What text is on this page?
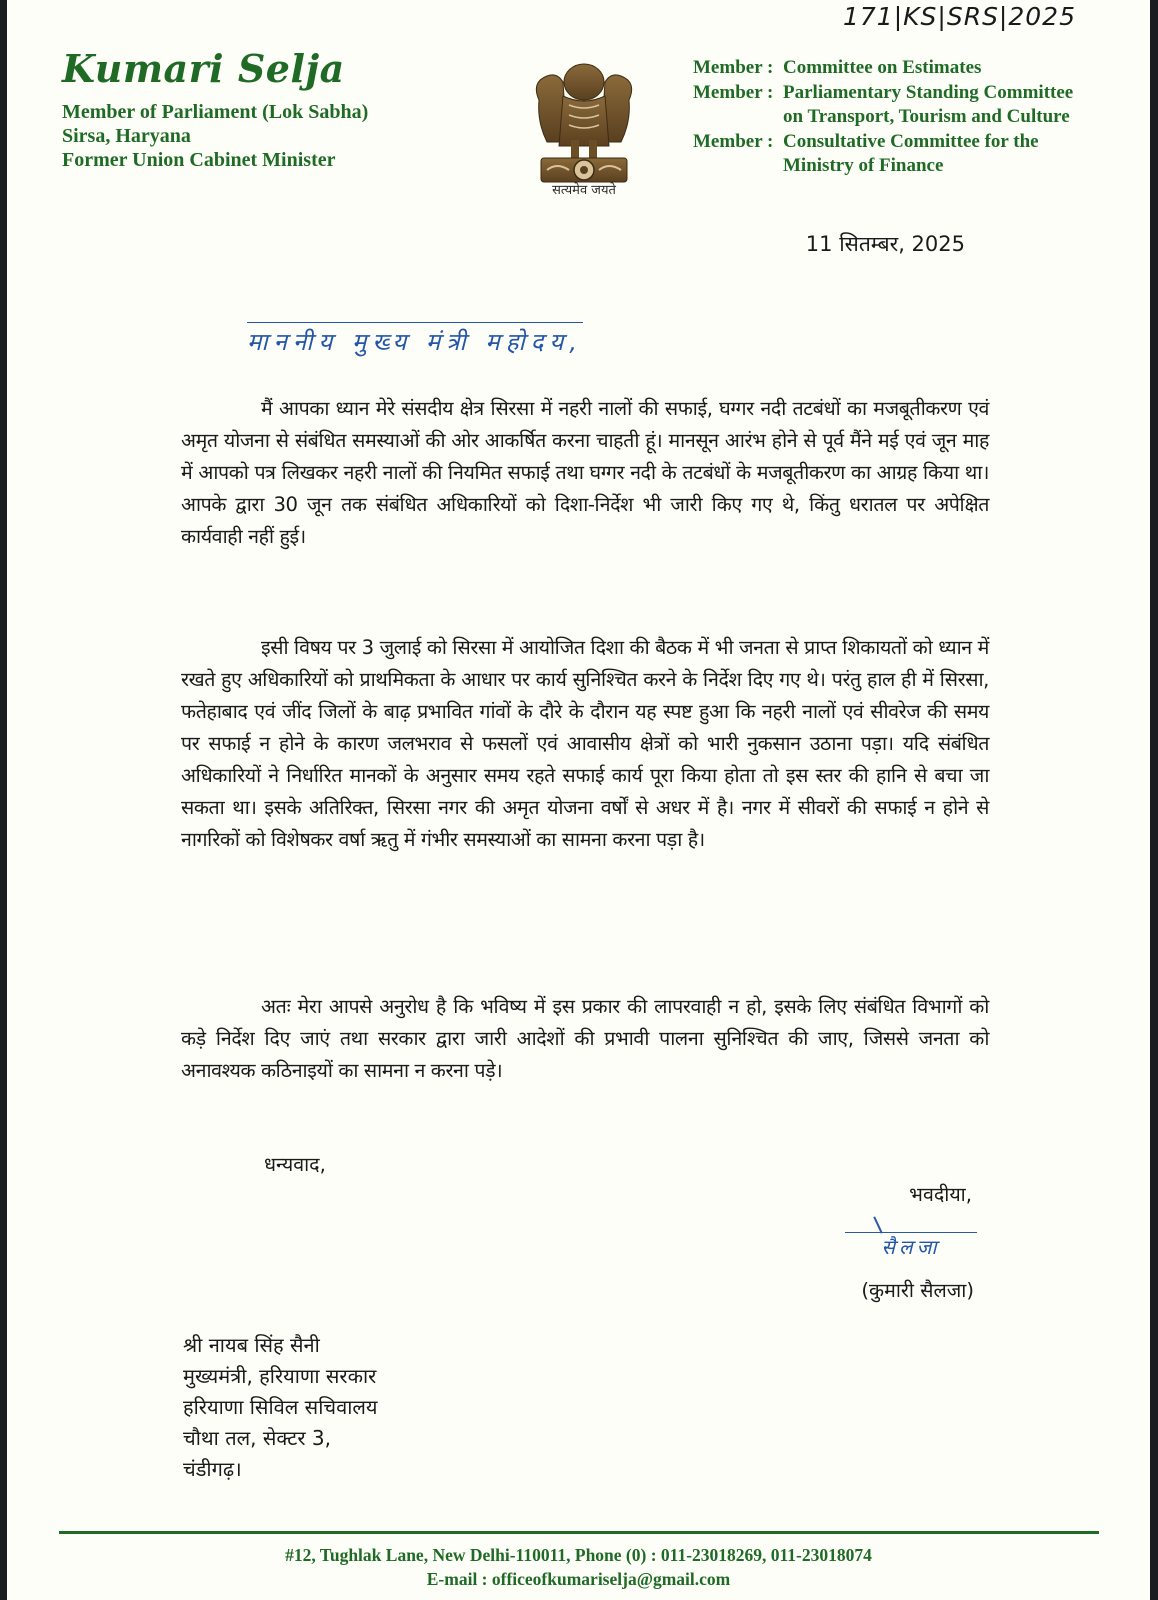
171|KS|SRS|2025
Kumari Selja
Member of Parliament (Lok Sabha)
Sirsa, Haryana
Former Union Cabinet Minister
सत्यमेव जयते
Member : Committee on Estimates
Member : Parliamentary Standing Committee
on Transport, Tourism and Culture
Member : Consultative Committee for the
Ministry of Finance
11 सितम्बर, 2025
माननीय मुख्य मंत्री महोदय,

मैं आपका ध्यान मेरे संसदीय क्षेत्र सिरसा में नहरी नालों की सफाई, घग्गर नदी तटबंधों का मजबूतीकरण एवं अमृत योजना से संबंधित समस्याओं की ओर आकर्षित करना चाहती हूं। मानसून आरंभ होने से पूर्व मैंने मई एवं जून माह में आपको पत्र लिखकर नहरी नालों की नियमित सफाई तथा घग्गर नदी के तटबंधों के मजबूतीकरण का आग्रह किया था। आपके द्वारा 30 जून तक संबंधित अधिकारियों को दिशा-निर्देश भी जारी किए गए थे, किंतु धरातल पर अपेक्षित कार्यवाही नहीं हुई।

इसी विषय पर 3 जुलाई को सिरसा में आयोजित दिशा की बैठक में भी जनता से प्राप्त शिकायतों को ध्यान में रखते हुए अधिकारियों को प्राथमिकता के आधार पर कार्य सुनिश्चित करने के निर्देश दिए गए थे। परंतु हाल ही में सिरसा, फतेहाबाद एवं जींद जिलों के बाढ़ प्रभावित गांवों के दौरे के दौरान यह स्पष्ट हुआ कि नहरी नालों एवं सीवरेज की समय पर सफाई न होने के कारण जलभराव से फसलों एवं आवासीय क्षेत्रों को भारी नुकसान उठाना पड़ा। यदि संबंधित अधिकारियों ने निर्धारित मानकों के अनुसार समय रहते सफाई कार्य पूरा किया होता तो इस स्तर की हानि से बचा जा सकता था। इसके अतिरिक्त, सिरसा नगर की अमृत योजना वर्षों से अधर में है। नगर में सीवरों की सफाई न होने से नागरिकों को विशेषकर वर्षा ऋतु में गंभीर समस्याओं का सामना करना पड़ा है।

अतः मेरा आपसे अनुरोध है कि भविष्य में इस प्रकार की लापरवाही न हो, इसके लिए संबंधित विभागों को कड़े निर्देश दिए जाएं तथा सरकार द्वारा जारी आदेशों की प्रभावी पालना सुनिश्चित की जाए, जिससे जनता को अनावश्यक कठिनाइयों का सामना न करना पड़े।

धन्यवाद,
भवदीया,
सैलजा
(कुमारी सैलजा)
श्री नायब सिंह सैनी
मुख्यमंत्री, हरियाणा सरकार
हरियाणा सिविल सचिवालय
चौथा तल, सेक्टर 3,
चंडीगढ़।
#12, Tughlak Lane, New Delhi-110011, Phone (0) : 011-23018269, 011-23018074
E-mail : officeofkumariselja@gmail.com
